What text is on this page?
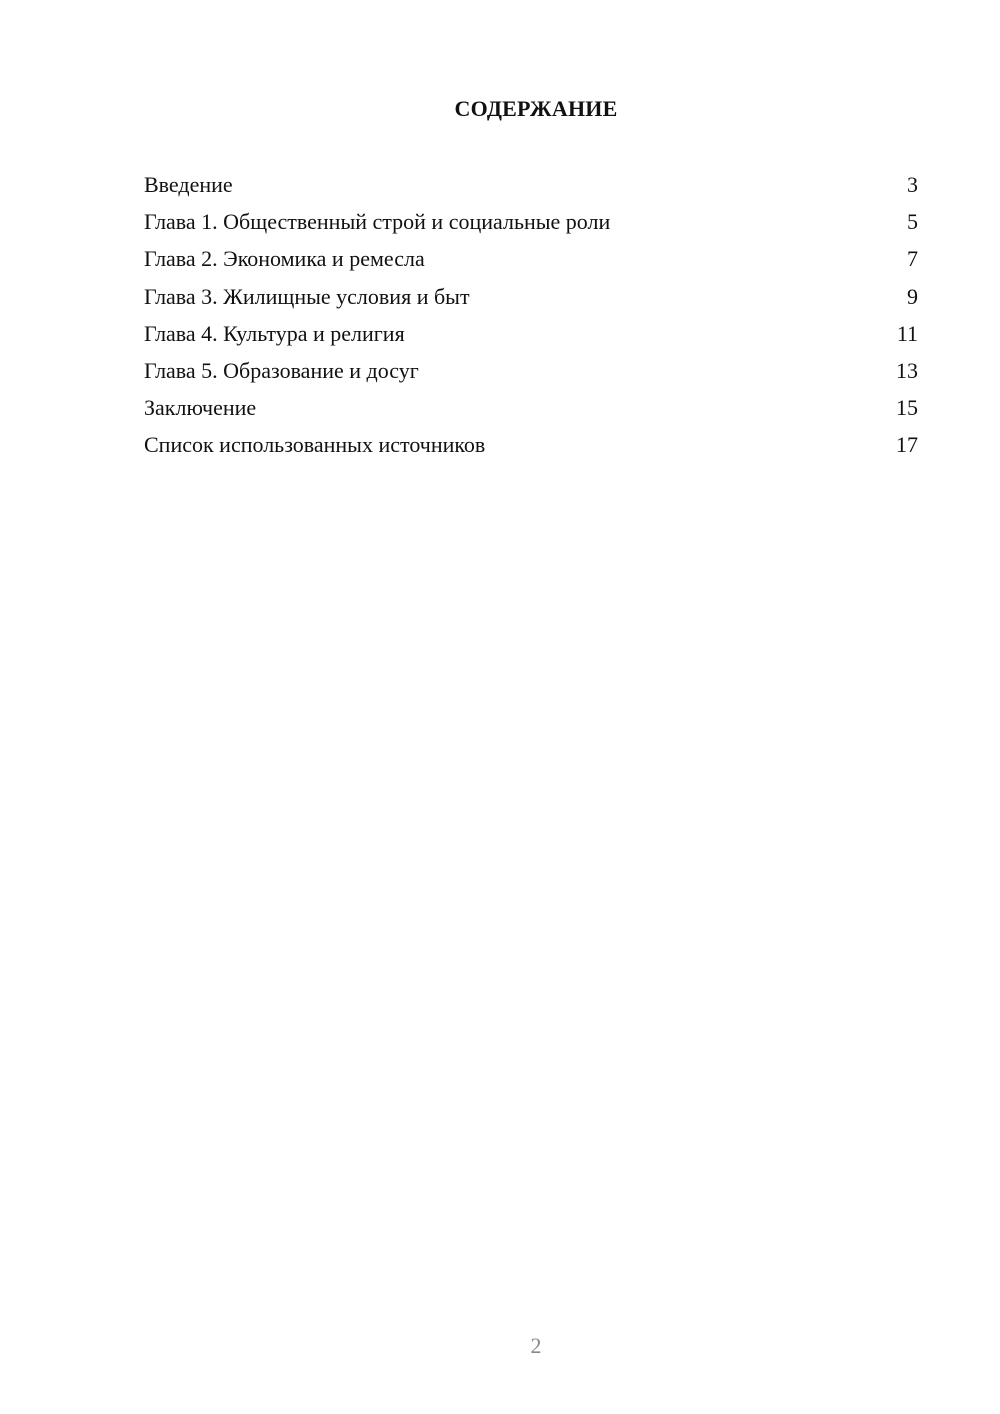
СОДЕРЖАНИЕ
Введение	3
Глава 1. Общественный строй и социальные роли	5
Глава 2. Экономика и ремесла	7
Глава 3. Жилищные условия и быт	9
Глава 4. Культура и религия	11
Глава 5. Образование и досуг	13
Заключение	15
Список использованных источников	17
2
